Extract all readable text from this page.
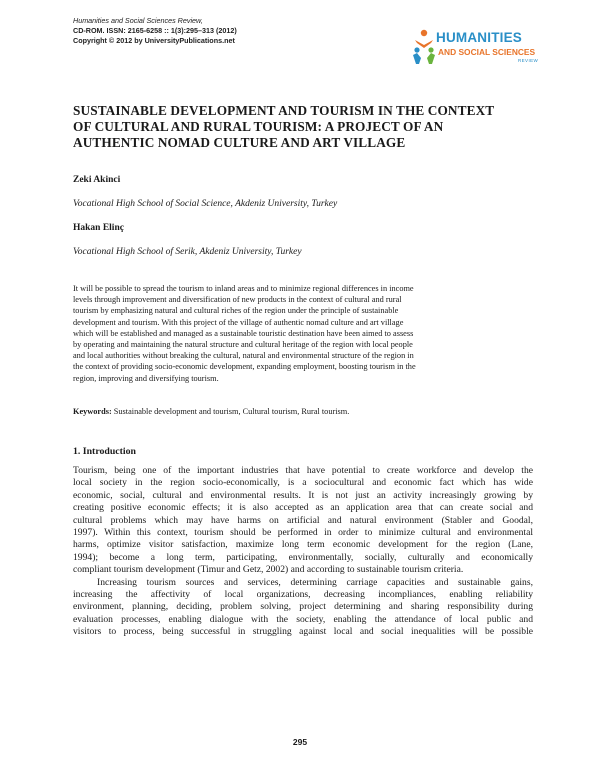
Humanities and Social Sciences Review,
CD-ROM. ISSN: 2165-6258 :: 1(3):295–313 (2012)
Copyright © 2012 by UniversityPublications.net	HUMANITIES
AND SOCIAL SCIENCES
REVIEW
SUSTAINABLE DEVELOPMENT AND TOURISM IN THE CONTEXT
OF CULTURAL AND RURAL TOURISM: A PROJECT OF AN
AUTHENTIC NOMAD CULTURE AND ART VILLAGE
Zeki Akinci
Vocational High School of Social Science, Akdeniz University, Turkey
Hakan Elinç
Vocational High School of Serik, Akdeniz University, Turkey
It will be possible to spread the tourism to inland areas and to minimize regional differences in income
levels through improvement and diversification of new products in the context of cultural and rural
tourism by emphasizing natural and cultural riches of the region under the principle of sustainable
development and tourism. With this project of the village of authentic nomad culture and art village
which will be established and managed as a sustainable touristic destination have been aimed to assess
by operating and maintaining the natural structure and cultural heritage of the region with local people
and local authorities without breaking the cultural, natural and environmental structure of the region in
the context of providing socio-economic development, expanding employment, boosting tourism in the
region, improving and diversifying tourism.
Keywords: Sustainable development and tourism, Cultural tourism, Rural tourism.
1. Introduction
Tourism, being one of the important industries that have potential to create workforce and develop the
local society in the region socio-economically, is a sociocultural and economic fact which has wide
economic, social, cultural and environmental results. It is not just an activity increasingly growing by
creating positive economic effects; it is also accepted as an application area that can create social and
cultural problems which may have harms on artificial and natural environment (Stabler and Goodal,
1997). Within this context, tourism should be performed in order to minimize cultural and environmental
harms, optimize visitor satisfaction, maximize long term economic development for the region (Lane,
1994); become a long term, participating, environmentally, socially, culturally and economically
compliant tourism development (Timur and Getz, 2002) and according to sustainable tourism criteria.
Increasing tourism sources and services, determining carriage capacities and sustainable gains,
increasing the affectivity of local organizations, decreasing incompliances, enabling reliability
environment, planning, deciding, problem solving, project determining and sharing responsibility during
evaluation processes, enabling dialogue with the society, enabling the attendance of local public and
visitors to process, being successful in struggling against local and social inequalities will be possible
295
